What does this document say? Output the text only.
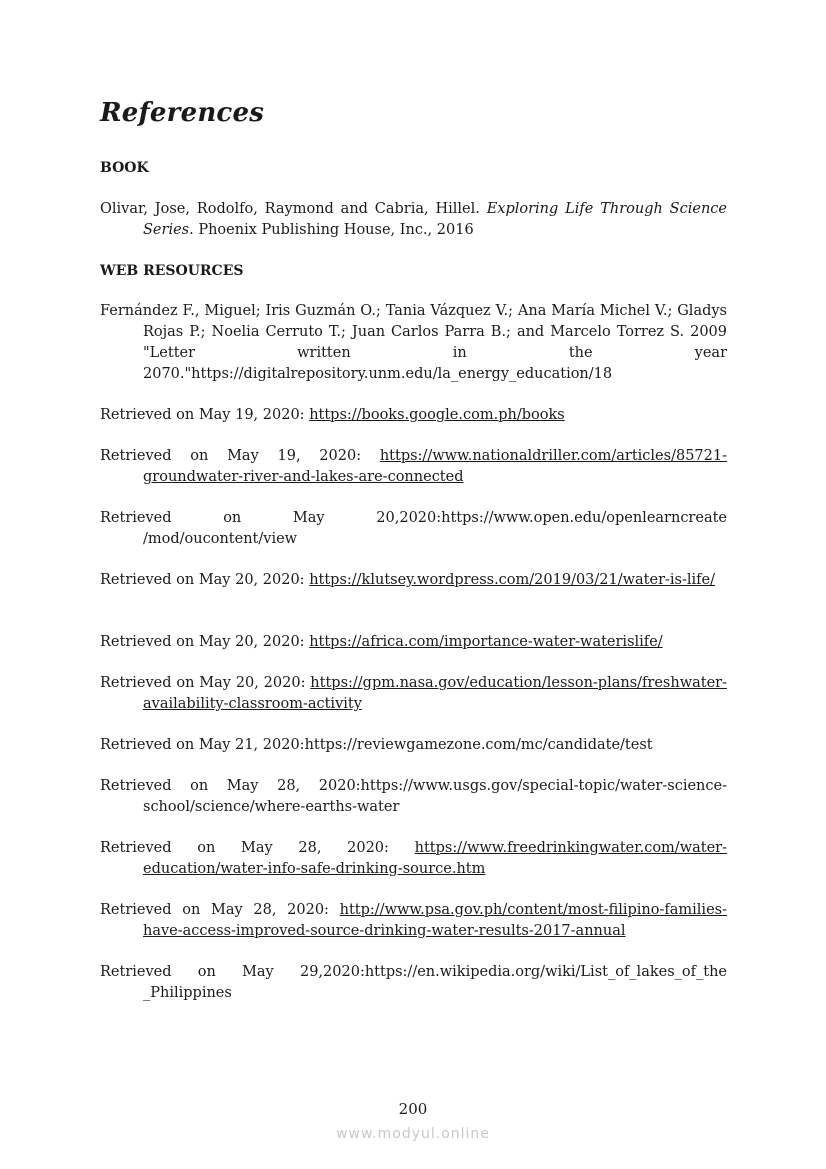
References
BOOK
Olivar, Jose, Rodolfo, Raymond and Cabria, Hillel. Exploring Life Through Science Series. Phoenix Publishing House, Inc., 2016
WEB RESOURCES
Fernández F., Miguel; Iris Guzmán O.; Tania Vázquez V.; Ana María Michel V.; Gladys Rojas P.; Noelia Cerruto T.; Juan Carlos Parra B.; and Marcelo Torrez S. 2009 "Letter written in the year 2070."https://digitalrepository.unm.edu/la_energy_education/18
Retrieved on May 19, 2020: https://books.google.com.ph/books
Retrieved on May 19, 2020: https://www.nationaldriller.com/articles/85721-groundwater-river-and-lakes-are-connected
Retrieved on May 20,2020:https://www.open.edu/openlearncreate /mod/oucontent/view
Retrieved on May 20, 2020: https://klutsey.wordpress.com/2019/03/21/water-is-life/
Retrieved on May 20, 2020: https://africa.com/importance-water-waterislife/
Retrieved on May 20, 2020: https://gpm.nasa.gov/education/lesson-plans/freshwater-availability-classroom-activity
Retrieved on May 21, 2020:https://reviewgamezone.com/mc/candidate/test
Retrieved on May 28, 2020:https://www.usgs.gov/special-topic/water-science-school/science/where-earths-water
Retrieved on May 28, 2020: https://www.freedrinkingwater.com/water-education/water-info-safe-drinking-source.htm
Retrieved on May 28, 2020: http://www.psa.gov.ph/content/most-filipino-families-have-access-improved-source-drinking-water-results-2017-annual
Retrieved on May 29,2020:https://en.wikipedia.org/wiki/List_of_lakes_of_the _Philippines
200
www.modyul.online
